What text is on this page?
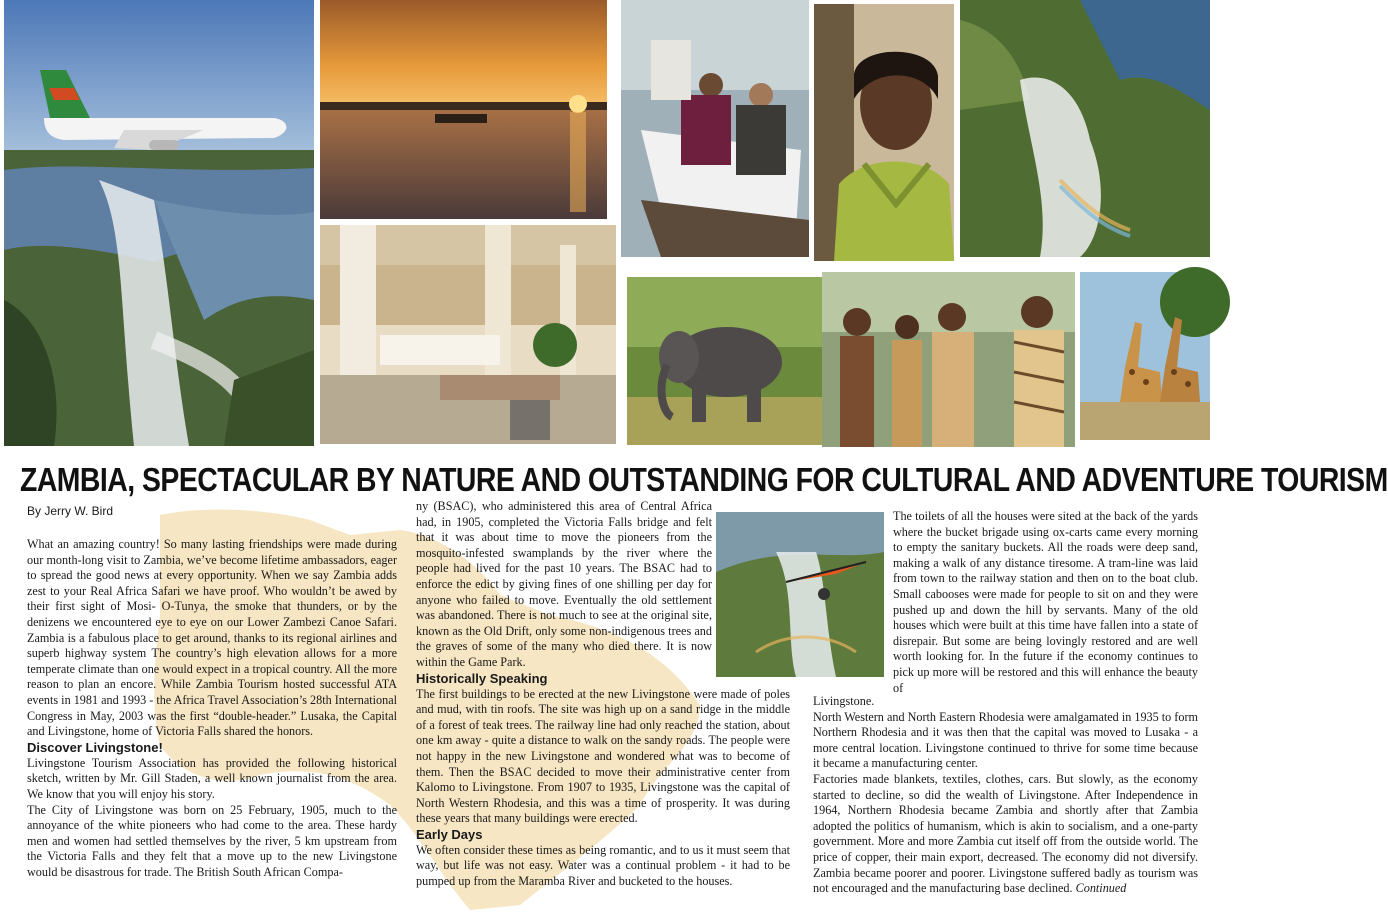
ZAMBIA, SPECTACULAR BY NATURE AND OUTSTANDING FOR CULTURAL AND ADVENTURE TOURISM
By Jerry W. Bird

What an amazing country! So many lasting friendships were made during our month-long visit to Zambia, we’ve become lifetime ambassadors, eager to spread the good news at every opportunity. When we say Zambia adds zest to your Real Africa Safari we have proof. Who wouldn’t be awed by their first sight of Mosi- O-Tunya, the smoke that thunders, or by the denizens we encountered eye to eye on our Lower Zambezi Canoe Safari. Zambia is a fabulous place to get around, thanks to its regional airlines and superb highway system The country’s high elevation allows for a more temperate climate than one would expect in a tropical country. All the more reason to plan an encore. While Zambia Tourism hosted successful ATA events in 1981 and 1993 - the Africa Travel Association’s 28th International Congress in May, 2003 was the first “double-header.” Lusaka, the Capital and Livingstone, home of Victoria Falls shared the honors.

Discover Livingstone!

Livingstone Tourism Association has provided the following historical sketch, written by Mr. Gill Staden, a well known journalist from the area. We know that you will enjoy his story.

The City of Livingstone was born on 25 February, 1905, much to the annoyance of the white pioneers who had come to the area. These hardy men and women had settled themselves by the river, 5 km upstream from the Victoria Falls and they felt that a move up to the new Livingstone would be disastrous for trade. The British South African Compa-

ny (BSAC), who administered this area of Central Africa had, in 1905, completed the Victoria Falls bridge and felt that it was about time to move the pioneers from the mosquito-infested swamplands by the river where the people had lived for the past 10 years. The BSAC had to enforce the edict by giving fines of one shilling per day for anyone who failed to move. Eventually the old settlement was abandoned. There is not much to see at the original site, known as the Old Drift, only some non-indigenous trees and the graves of some of the many who died there. It is now within the Game Park.

Historically Speaking

The first buildings to be erected at the new Livingstone were made of poles and mud, with tin roofs. The site was high up on a sand ridge in the middle of a forest of teak trees. The railway line had only reached the station, about one km away - quite a distance to walk on the sandy roads. The people were not happy in the new Livingstone and wondered what was to become of them. Then the BSAC decided to move their administrative center from Kalomo to Livingstone. From 1907 to 1935, Livingstone was the capital of North Western Rhodesia, and this was a time of prosperity. It was during these years that many buildings were erected.

Early Days

We often consider these times as being romantic, and to us it must seem that way, but life was not easy. Water was a continual problem - it had to be pumped up from the Maramba River and bucketed to the houses.

The toilets of all the houses were sited at the back of the yards where the bucket brigade using ox-carts came every morning to empty the sanitary buckets. All the roads were deep sand, making a walk of any distance tiresome. A tram-line was laid from town to the railway station and then on to the boat club. Small cabooses were made for people to sit on and they were pushed up and down the hill by servants. Many of the old houses which were built at this time have fallen into a state of disrepair. But some are being lovingly restored and are well worth looking for. In the future if the economy continues to pick up more will be restored and this will enhance the beauty of

Livingstone.

North Western and North Eastern Rhodesia were amalgamated in 1935 to form Northern Rhodesia and it was then that the capital was moved to Lusaka - a more central location. Livingstone continued to thrive for some time because it became a manufacturing center.

Factories made blankets, textiles, clothes, cars. But slowly, as the economy started to decline, so did the wealth of Livingstone. After Independence in 1964, Northern Rhodesia became Zambia and shortly after that Zambia adopted the politics of humanism, which is akin to socialism, and a one-party government. More and more Zambia cut itself off from the outside world. The price of copper, their main export, decreased. The economy did not diversify. Zambia became poorer and poorer. Livingstone suffered badly as tourism was not encouraged and the manufacturing base declined. Continued
